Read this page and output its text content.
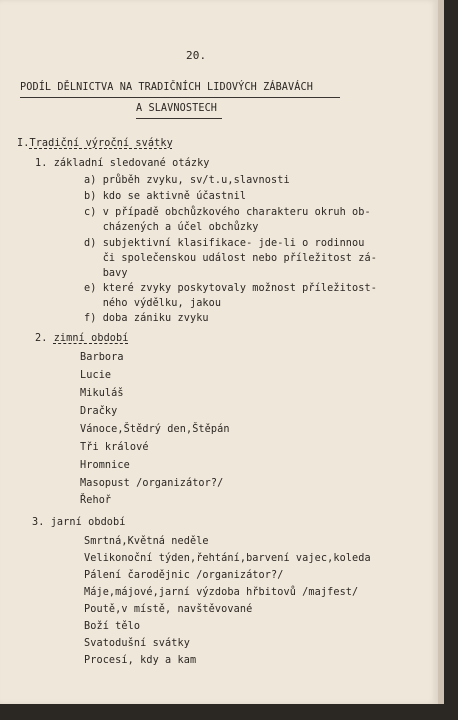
20.
PODÍL DĚLNICTVA NA TRADIČNÍCH LIDOVÝCH ZÁBAVÁCH
A SLAVNOSTECH
I.Tradiční výroční svátky
1. základní sledované otázky
a) průběh zvyku, sv/t.u,slavnosti
b) kdo se aktivně účastnil
c) v případě obchůzkového charakteru okruh ob-
cházených a účel obchůzky
d) subjektivní klasifikace- jde-li o rodinnou
či společenskou událost nebo příležitost zá-
bavy
e) které zvyky poskytovaly možnost příležitost-
ného výdělku, jakou
f) doba zániku zvyku
2. zimní období
Barbora
Lucie
Mikuláš
Dračky
Vánoce,Štědrý den,Štěpán
Tři králové
Hromnice
Masopust /organizátor?/
Řehoř
3. jarní období
Smrtná,Květná neděle
Velikonoční týden,řehtání,barvení vajec,koleda
Pálení čarodějnic /organizátor?/
Máje,májové,jarní výzdoba hřbitovů /majfest/
Poutě,v místě, navštěvované
Boží tělo
Svatodušní svátky
Procesí, kdy a kam
